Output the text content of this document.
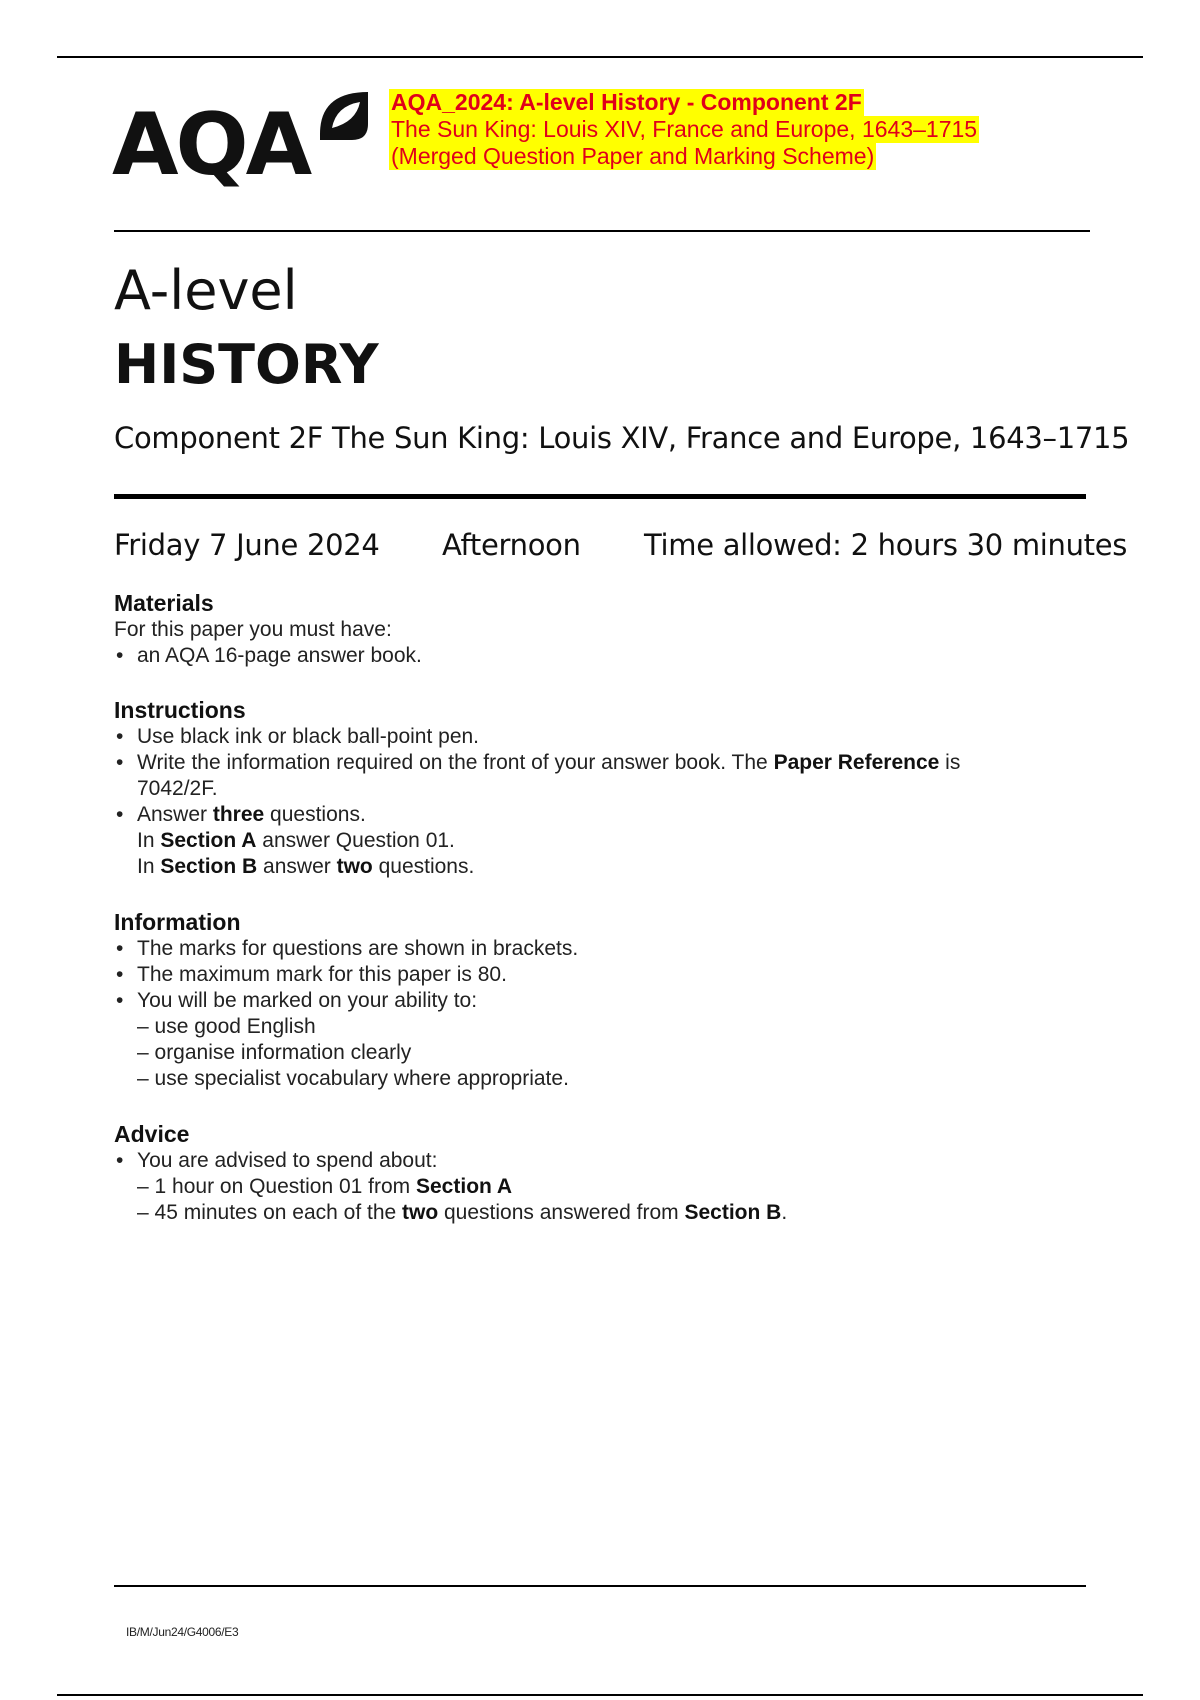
AQA	AQA_2024: A-level History - Component 2F
The Sun King: Louis XIV, France and Europe, 1643–1715
(Merged Question Paper and Marking Scheme)
A-level
HISTORY
Component 2F The Sun King: Louis XIV, France and Europe, 1643–1715
Friday 7 June 2024 Afternoon Time allowed: 2 hours 30 minutes
Materials

For this paper you must have:

• an AQA 16-page answer book.

Instructions

• Use black ink or black ball-point pen.

• Write the information required on the front of your answer book. The Paper Reference is

7042/2F.

• Answer three questions.

In Section A answer Question 01.

In Section B answer two questions.

Information

• The marks for questions are shown in brackets.

• The maximum mark for this paper is 80.

• You will be marked on your ability to:

– use good English

– organise information clearly

– use specialist vocabulary where appropriate.

Advice

• You are advised to spend about:

– 1 hour on Question 01 from Section A

– 45 minutes on each of the two questions answered from Section B.

IB/M/Jun24/G4006/E3
